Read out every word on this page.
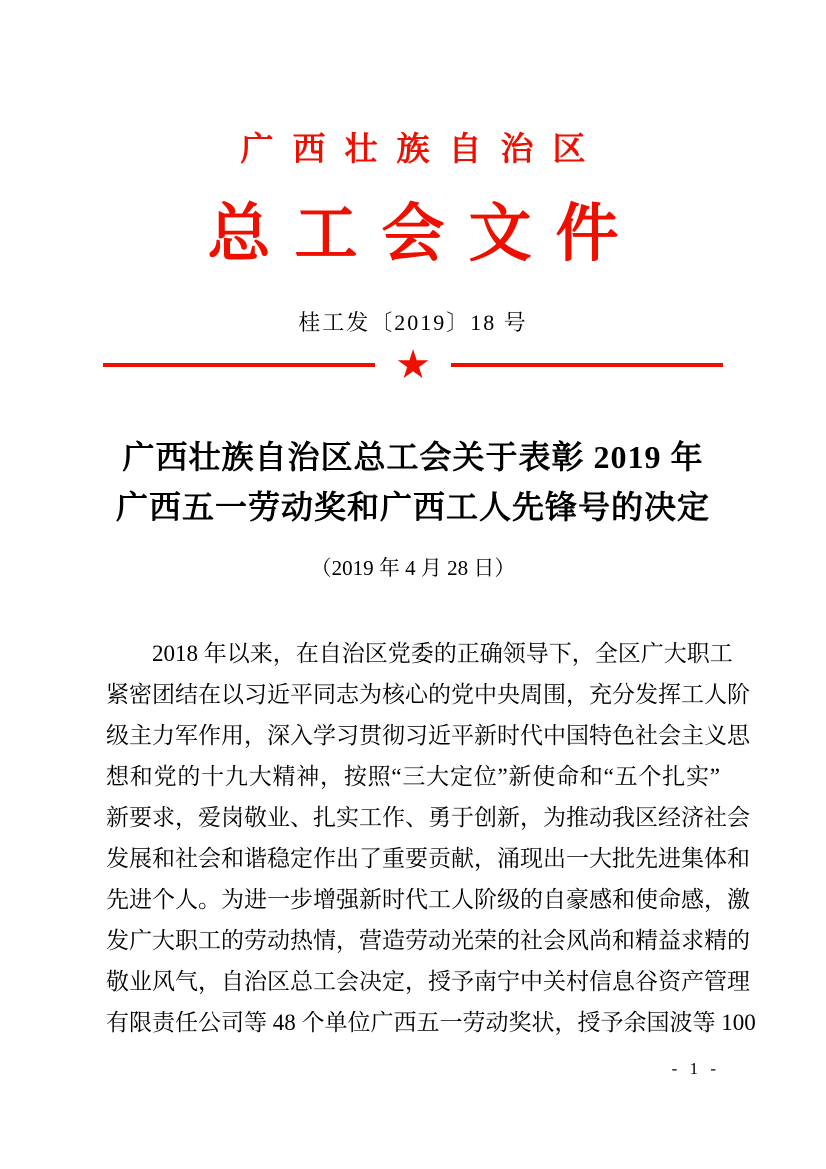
广西壮族自治区
总工会文件
桂工发〔2019〕18 号
★
广西壮族自治区总工会关于表彰 2019 年
广西五一劳动奖和广西工人先锋号的决定
（2019 年 4 月 28 日）
2018 年以来，在自治区党委的正确领导下，全区广大职工
紧密团结在以习近平同志为核心的党中央周围，充分发挥工人阶
级主力军作用，深入学习贯彻习近平新时代中国特色社会主义思
想和党的十九大精神，按照“三大定位”新使命和“五个扎实”
新要求，爱岗敬业、扎实工作、勇于创新，为推动我区经济社会
发展和社会和谐稳定作出了重要贡献，涌现出一大批先进集体和
先进个人。为进一步增强新时代工人阶级的自豪感和使命感，激
发广大职工的劳动热情，营造劳动光荣的社会风尚和精益求精的
敬业风气，自治区总工会决定，授予南宁中关村信息谷资产管理
有限责任公司等 48 个单位广西五一劳动奖状，授予余国波等 100
- 1 -
